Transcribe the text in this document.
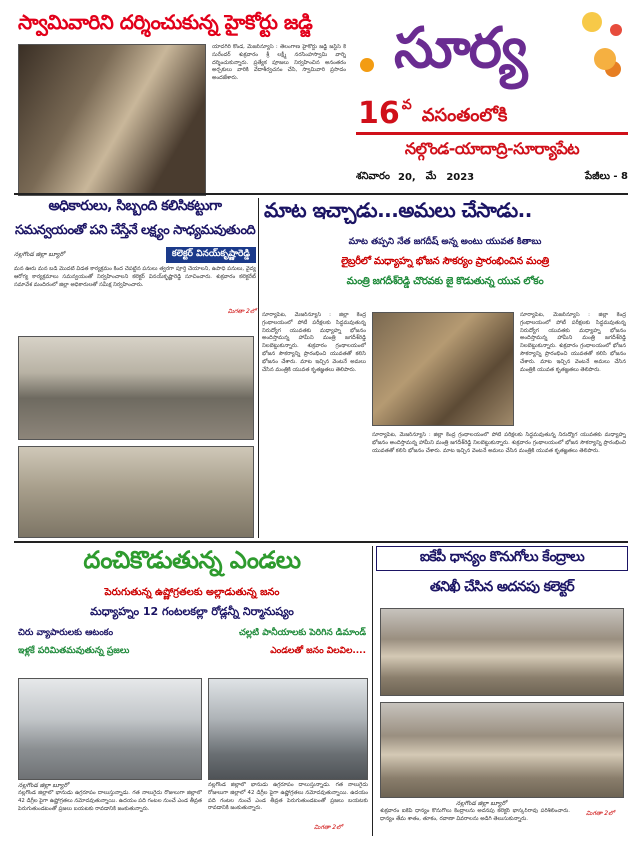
స్వామివారిని దర్శించుకున్న హైకోర్టు జడ్జి
యాదగిరి కొండ, మేజర్‌న్యూస్ : తెలంగాణ హైకోర్టు జడ్జి జస్టిస్ కే సురేందర్ శుక్రవారం శ్రీ లక్ష్మీ నరసింహస్వామి వార్ని దర్శించుకున్నారు. ప్రత్యేక పూజలు నిర్వహించిన అనంతరం అర్చకులు వారికి వేదాశీర్వచనం చేసి, స్వామివారి ప్రసాదం అందజేశారు.	సూర్య
16 వ వసంతంలోకి
నల్గొండ-యాదాద్రి-సూర్యాపేట
శనివారం 20, మే 2023	పేజీలు - 8
అధికారులు, సిబ్బంది కలిసికట్టుగా
సమన్వయంతో పని చేస్తేనే లక్ష్యం సాధ్యమవుతుంది
నల్లగొండ జిల్లా బ్యూరో	కలెక్టర్ వినయ్‌కృష్ణారెడ్డి
మన ఊరు మన బడి మొదటి విడత కార్యక్రమం కింద చేపట్టిన పనులు త్వరగా పూర్తి చేయాలని, ఉపాధి పనులు, వైద్య ఆరోగ్య కార్యక్రమాలు సమన్వయంతో నిర్వహించాలని కలెక్టర్ వినయ్‌కృష్ణారెడ్డి సూచించారు. శుక్రవారం కలెక్టరేట్ సమావేశ మందిరంలో జిల్లా అధికారులతో సమీక్ష నిర్వహించారు.
మిగతా 2లో
మాట ఇచ్చాడు...అమలు చేసాడు..
మాట తప్పని నేత జగదీష్ అన్న అంటు యువత కితాబు
లైబ్రరీలో మధ్యాహ్న భోజన సౌకర్యం ప్రారంభించిన మంత్రి
మంత్రి జగదీశ్‌రెడ్డి చొరవకు జై కొడుతున్న యువ లోకం
సూర్యాపేట, మేజర్‌న్యూస్ : జిల్లా కేంద్ర గ్రంథాలయంలో పోటీ పరీక్షలకు సిద్ధమవుతున్న నిరుద్యోగ యువతకు మధ్యాహ్న భోజనం అందిస్తామన్న హామీని మంత్రి జగదీశ్‌రెడ్డి నిలబెట్టుకున్నారు. శుక్రవారం గ్రంథాలయంలో భోజన సౌకర్యాన్ని ప్రారంభించి యువతతో కలిసి భోజనం చేశారు. మాట ఇచ్చిన వెంటనే అమలు చేసిన మంత్రికి యువత కృతజ్ఞతలు తెలిపారు.
సూర్యాపేట, మేజర్‌న్యూస్ : జిల్లా కేంద్ర గ్రంథాలయంలో పోటీ పరీక్షలకు సిద్ధమవుతున్న నిరుద్యోగ యువతకు మధ్యాహ్న భోజనం అందిస్తామన్న హామీని మంత్రి జగదీశ్‌రెడ్డి నిలబెట్టుకున్నారు. శుక్రవారం గ్రంథాలయంలో భోజన సౌకర్యాన్ని ప్రారంభించి యువతతో కలిసి భోజనం చేశారు. మాట ఇచ్చిన వెంటనే అమలు చేసిన మంత్రికి యువత కృతజ్ఞతలు తెలిపారు.
సూర్యాపేట, మేజర్‌న్యూస్ : జిల్లా కేంద్ర గ్రంథాలయంలో పోటీ పరీక్షలకు సిద్ధమవుతున్న నిరుద్యోగ యువతకు మధ్యాహ్న భోజనం అందిస్తామన్న హామీని మంత్రి జగదీశ్‌రెడ్డి నిలబెట్టుకున్నారు. శుక్రవారం గ్రంథాలయంలో భోజన సౌకర్యాన్ని ప్రారంభించి యువతతో కలిసి భోజనం చేశారు. మాట ఇచ్చిన వెంటనే అమలు చేసిన మంత్రికి యువత కృతజ్ఞతలు తెలిపారు.
దంచికొడుతున్న ఎండలు
పెరుగుతున్న ఉష్ణోగ్రతలకు అల్లాడుతున్న జనం
మధ్యాహ్నం 12 గంటలకల్లా రోడ్లన్నీ నిర్మానుష్యం
చిరు వ్యాపారులకు ఆటంకం	చల్లటి పానీయాలకు పెరిగిన డిమాండ్
ఇళ్లకే పరిమితమవుతున్న ప్రజలు	ఎండలతో జనం విలవిల....
నల్లగొండ జిల్లా బ్యూరో
నల్లగొండ జిల్లాలో భానుడు ఉగ్రరూపం దాలుస్తున్నాడు. గత నాలుగైదు రోజులుగా జిల్లాలో 42 డిగ్రీల పైగా ఉష్ణోగ్రతలు నమోదవుతున్నాయి. ఉదయం పది గంటల నుంచే ఎండ తీవ్రత పెరుగుతుండటంతో ప్రజలు బయటకు రావడానికి జంకుతున్నారు.
నల్లగొండ జిల్లాలో భానుడు ఉగ్రరూపం దాలుస్తున్నాడు. గత నాలుగైదు రోజులుగా జిల్లాలో 42 డిగ్రీల పైగా ఉష్ణోగ్రతలు నమోదవుతున్నాయి. ఉదయం పది గంటల నుంచే ఎండ తీవ్రత పెరుగుతుండటంతో ప్రజలు బయటకు రావడానికి జంకుతున్నారు.
మిగతా 2లో
ఐకేపీ ధాన్యం కొనుగోలు కేంద్రాలు
తనిఖీ చేసిన అదనపు కలెక్టర్
నల్లగొండ జిల్లా బ్యూరో
శుక్రవారం ఐకేపీ ధాన్యం కొనుగోలు కేంద్రాలను అదనపు కలెక్టర్ భాస్కర్‌రావు పరిశీలించారు. ధాన్యం తేమ శాతం, తూకం, రవాణా వివరాలను అడిగి తెలుసుకున్నారు.
మిగతా 2లో
